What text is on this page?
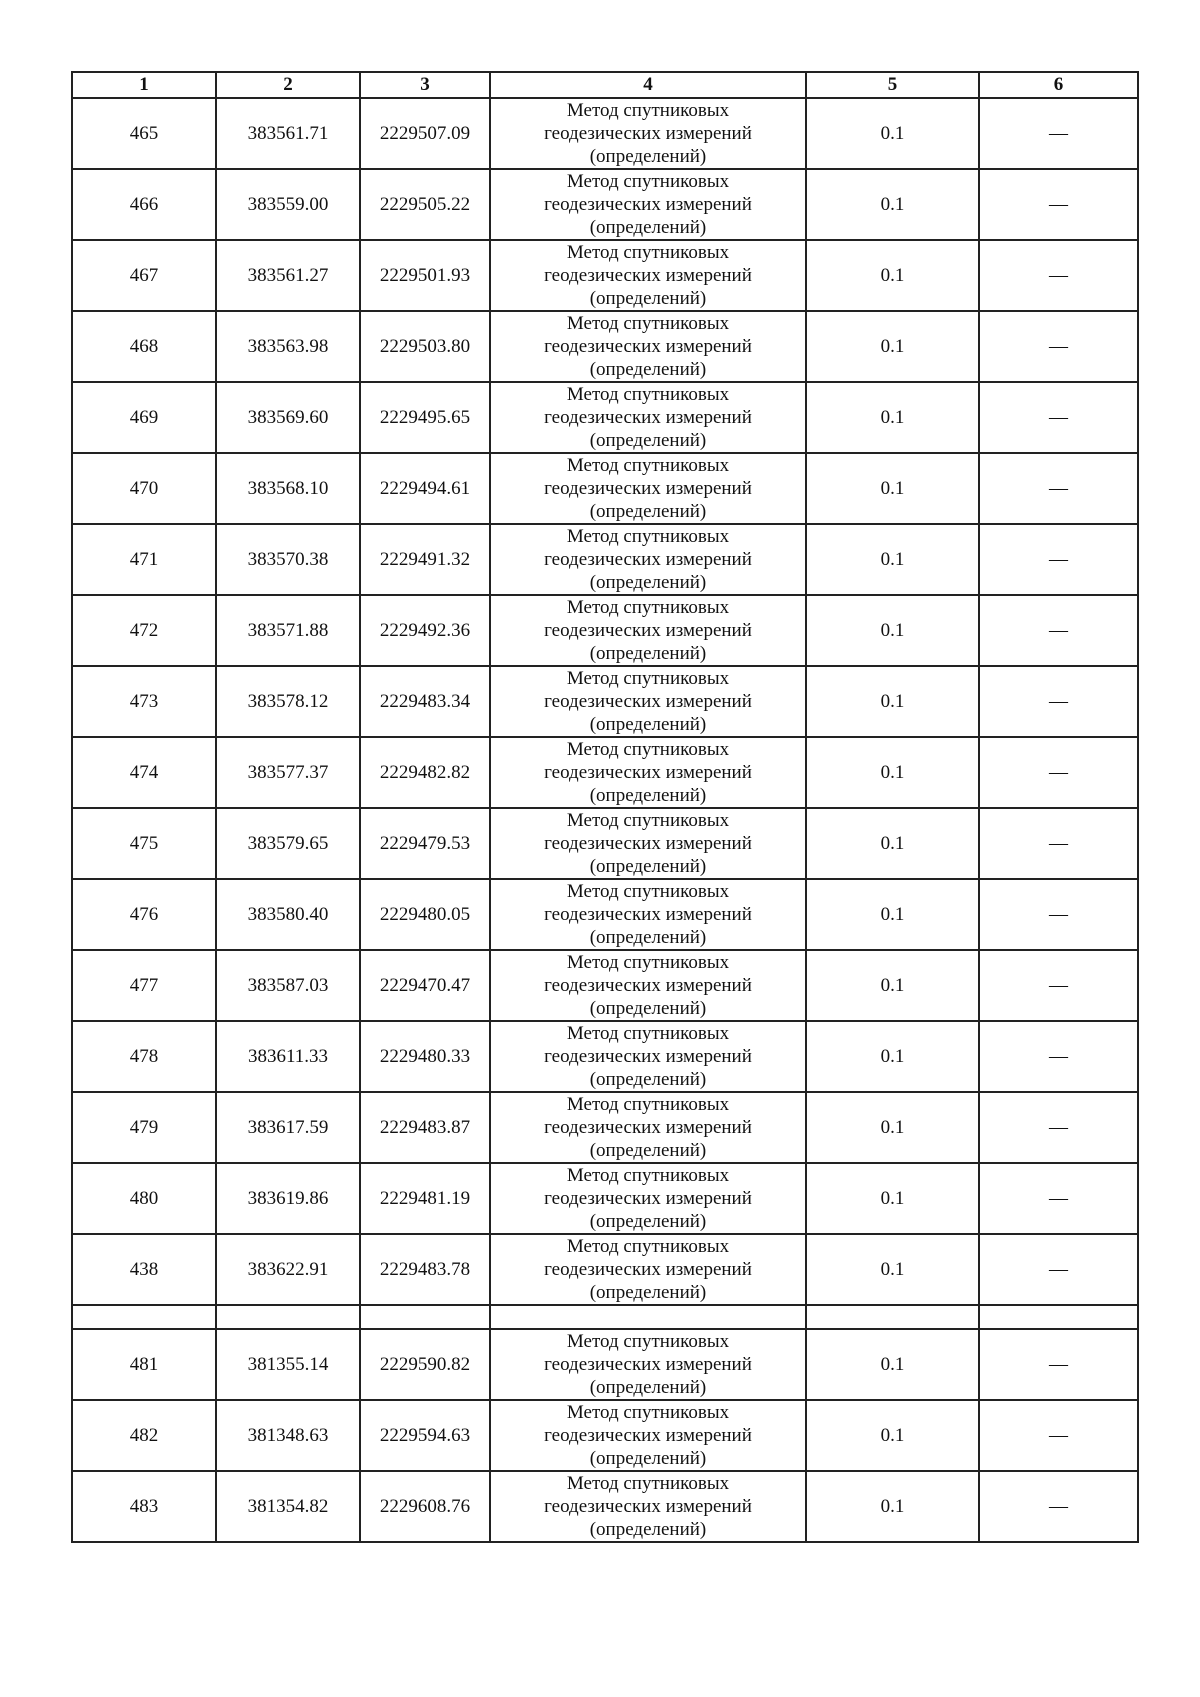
1	2	3	4	5	6
465	383561.71	2229507.09	Метод спутниковых
геодезических измерений
(определений)	0.1	—
466	383559.00	2229505.22	Метод спутниковых
геодезических измерений
(определений)	0.1	—
467	383561.27	2229501.93	Метод спутниковых
геодезических измерений
(определений)	0.1	—
468	383563.98	2229503.80	Метод спутниковых
геодезических измерений
(определений)	0.1	—
469	383569.60	2229495.65	Метод спутниковых
геодезических измерений
(определений)	0.1	—
470	383568.10	2229494.61	Метод спутниковых
геодезических измерений
(определений)	0.1	—
471	383570.38	2229491.32	Метод спутниковых
геодезических измерений
(определений)	0.1	—
472	383571.88	2229492.36	Метод спутниковых
геодезических измерений
(определений)	0.1	—
473	383578.12	2229483.34	Метод спутниковых
геодезических измерений
(определений)	0.1	—
474	383577.37	2229482.82	Метод спутниковых
геодезических измерений
(определений)	0.1	—
475	383579.65	2229479.53	Метод спутниковых
геодезических измерений
(определений)	0.1	—
476	383580.40	2229480.05	Метод спутниковых
геодезических измерений
(определений)	0.1	—
477	383587.03	2229470.47	Метод спутниковых
геодезических измерений
(определений)	0.1	—
478	383611.33	2229480.33	Метод спутниковых
геодезических измерений
(определений)	0.1	—
479	383617.59	2229483.87	Метод спутниковых
геодезических измерений
(определений)	0.1	—
480	383619.86	2229481.19	Метод спутниковых
геодезических измерений
(определений)	0.1	—
438	383622.91	2229483.78	Метод спутниковых
геодезических измерений
(определений)	0.1	—

481	381355.14	2229590.82	Метод спутниковых
геодезических измерений
(определений)	0.1	—
482	381348.63	2229594.63	Метод спутниковых
геодезических измерений
(определений)	0.1	—
483	381354.82	2229608.76	Метод спутниковых
геодезических измерений
(определений)	0.1	—
